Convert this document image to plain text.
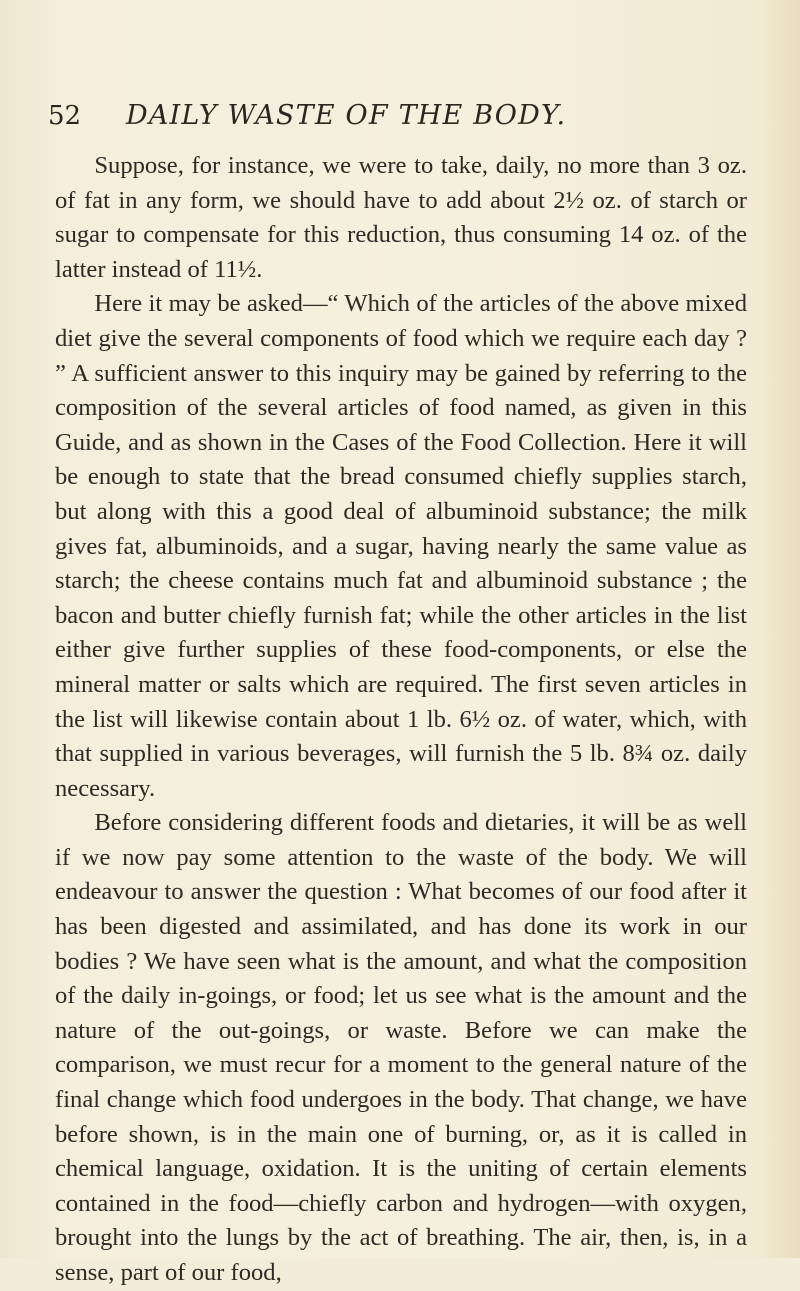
52 DAILY WASTE OF THE BODY.

Suppose, for instance, we were to take, daily, no more than 3 oz. of fat in any form, we should have to add about 2½ oz. of starch or sugar to compensate for this reduction, thus consuming 14 oz. of the latter instead of 11½.

Here it may be asked—“ Which of the articles of the above mixed diet give the several components of food which we require each day ? ” A sufficient answer to this inquiry may be gained by referring to the composition of the several articles of food named, as given in this Guide, and as shown in the Cases of the Food Collection. Here it will be enough to state that the bread consumed chiefly supplies starch, but along with this a good deal of albuminoid substance; the milk gives fat, albuminoids, and a sugar, having nearly the same value as starch; the cheese contains much fat and albuminoid substance ; the bacon and butter chiefly furnish fat; while the other articles in the list either give further supplies of these food-components, or else the mineral matter or salts which are required. The first seven articles in the list will likewise contain about 1 lb. 6½ oz. of water, which, with that supplied in various beverages, will furnish the 5 lb. 8¾ oz. daily necessary.

Before considering different foods and dietaries, it will be as well if we now pay some attention to the waste of the body. We will endeavour to answer the question : What becomes of our food after it has been digested and assimilated, and has done its work in our bodies ? We have seen what is the amount, and what the composition of the daily in-goings, or food; let us see what is the amount and the nature of the out-goings, or waste. Before we can make the comparison, we must recur for a moment to the general nature of the final change which food undergoes in the body. That change, we have before shown, is in the main one of burning, or, as it is called in chemical language, oxidation. It is the uniting of certain elements contained in the food—chiefly carbon and hydrogen—with oxygen, brought into the lungs by the act of breathing. The air, then, is, in a sense, part of our food,
